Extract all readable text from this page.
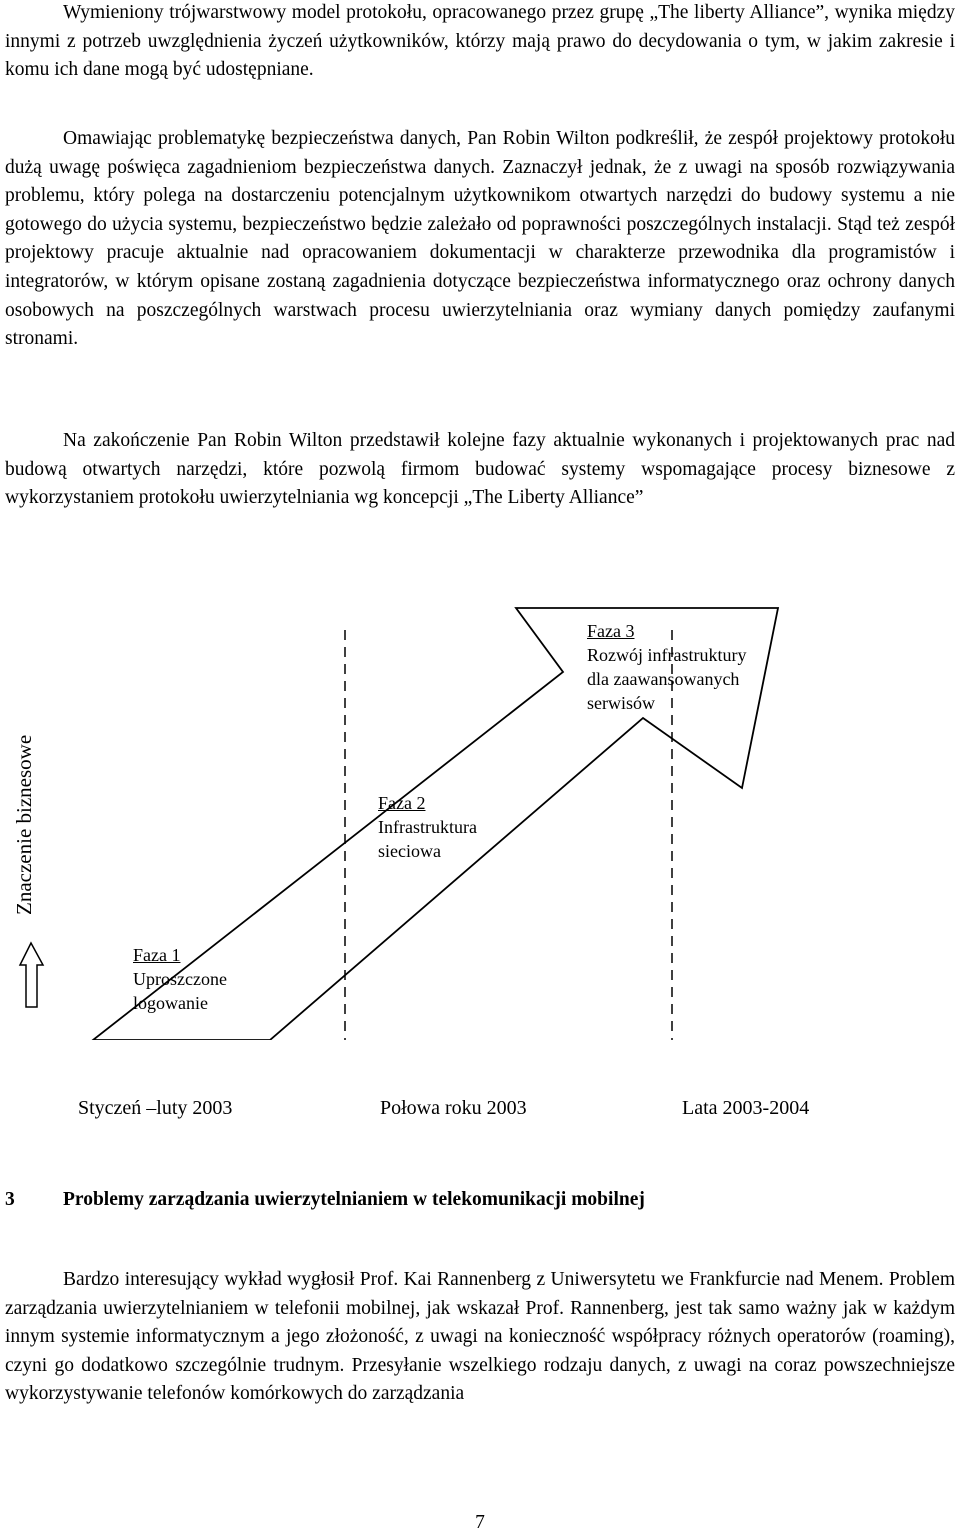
Wymieniony trójwarstwowy model protokołu, opracowanego przez grupę „The liberty Alliance”, wynika między innymi z potrzeb uwzględnienia życzeń użytkowników, którzy mają prawo do decydowania o tym, w jakim zakresie i komu ich dane mogą być udostępniane.

Omawiając problematykę bezpieczeństwa danych, Pan Robin Wilton podkreślił, że zespół projektowy protokołu dużą uwagę poświęca zagadnieniom bezpieczeństwa danych. Zaznaczył jednak, że z uwagi na sposób rozwiązywania problemu, który polega na dostarczeniu potencjalnym użytkownikom otwartych narzędzi do budowy systemu a nie gotowego do użycia systemu, bezpieczeństwo będzie zależało od poprawności poszczególnych instalacji. Stąd też zespół projektowy pracuje aktualnie nad opracowaniem dokumentacji w charakterze przewodnika dla programistów i integratorów, w którym opisane zostaną zagadnienia dotyczące bezpieczeństwa informatycznego oraz ochrony danych osobowych na poszczególnych warstwach procesu uwierzytelniania oraz wymiany danych pomiędzy zaufanymi stronami.

Na zakończenie Pan Robin Wilton przedstawił kolejne fazy aktualnie wykonanych i projektowanych prac nad budową otwartych narzędzi, które pozwolą firmom budować systemy wspomagające procesy biznesowe z wykorzystaniem protokołu uwierzytelniania wg koncepcji „The Liberty Alliance”

Faza 1
Uproszczone
logowanie
Faza 2
Infrastruktura
sieciowa
Faza 3
Rozwój infrastruktury
dla zaawansowanych
serwisów
Znaczenie biznesowe
Styczeń –luty 2003	Połowa roku 2003	Lata 2003-2004
3 Problemy zarządzania uwierzytelnianiem w telekomunikacji mobilnej

Bardzo interesujący wykład wygłosił Prof. Kai Rannenberg z Uniwersytetu we Frankfurcie nad Menem. Problem zarządzania uwierzytelnianiem w telefonii mobilnej, jak wskazał Prof. Rannenberg, jest tak samo ważny jak w każdym innym systemie informatycznym a jego złożoność, z uwagi na konieczność współpracy różnych operatorów (roaming), czyni go dodatkowo szczególnie trudnym. Przesyłanie wszelkiego rodzaju danych, z uwagi na coraz powszechniejsze wykorzystywanie telefonów komórkowych do zarządzania

7
